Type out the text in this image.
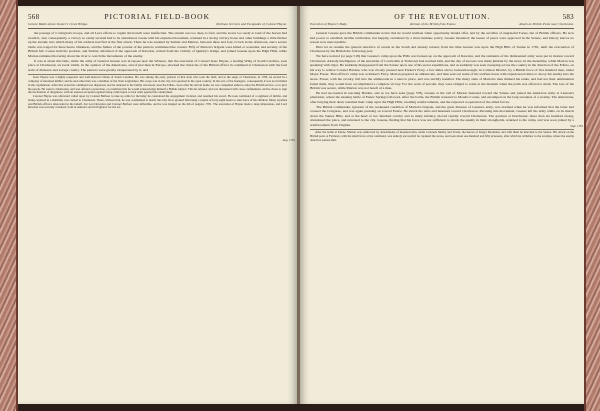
568	PICTORIAL FIELD-BOOK
Greene Battle above Sumter's Creek Bridge.	Partisan Services and Escapades of Colonel Hayne.

the passage of Covington's troops, and all Lee's efforts to regain the branch were ineffectual. The stream was too deep to ford, and the stores too ready to land of the horses had swum it, and, consequently, a victory so easily secured had to be abandoned. Green with his exploited horsemen, returned in a strong calvary horse and other buildings a little further up the stream; into which many of his soldiers had fled at the first attack. There he was assailed by Sumter and Marion, between three and four o'clock in the afternoon, and a severe battle was waged for three hours. Darkness, and the failure of the powder of the patriots, terminated the contest. Fifty of Marion's brigade were killed or wounded, and seventy of the British fell. Coates held his position, and Sumter, informed of the approach of Rawdon, retired from the vicinity of Quinby's bridge, and joined Greene upon the High Hills, while Marion remained hovering about the river to watch the movements of the enemy.

It was at about this time, while the army of General Greene was in repose near the Wateree, that the execution of Colonel Isaac Hayne, a leading Whig of South Carolina, took place at Charleston; an event which, in the opinion of the Americans, and of just men in Europe, shocked the character of the British officer in command at Charleston with the foul stain of dishonor and savage cruelty. The patriots were greatly exasperated by it, and

Isaac Hayne was a highly respected and well-beloved citizen of South Carolina. He was among the early patriots of that state who took the field, and at the siege of Charleston, in 1780, he served in a company of mounted militia; and he and other men was a member of the State Legislature. His corps was in the city, but operated in the open country. In the rear of the besiegers, consequently it was not included in the capitulation. After that event his command was dispersed, and he returned to his family and estate, near the Edisto. Soon after his arrival home, he was compelled either to enter the British service, or to give his parole. He went to Charleston, and was offered a protection, on condition that he would acknowledge himself a British subject. This he refused, and was threatened with close confinement, and he chose to sign the declaration of allegiance, with an express exception against being called upon to bear arms against his countrymen.

Colonel Hayne was afterward called upon by Colonel Balfour to take up arms for the king; he considered his engagement violated, and resumed his sword. He took command of a regiment of militia, and being captured in a skirmish, was carried to Charleston. There, without trial, he was condemned to death; the only favor granted him being a respite of forty-eight hours to take leave of his children. Many loyalists and British officers interceded in his behalf, but Lord Rawdon and Colonel Balfour were inflexible, and he was hanged on the 4th of August, 1781. The execution of Hayne made a deep impression, and Lord Rawdon was severely censured, both in America and in England, for the act.

Aug. 1781
OF THE REVOLUTION.	583
Execution of Hayne's Body.	Retreat of the British from Eutaw.	Attack on British Posts near Charleston.

General Greene gave the British commander notice that he would retaliate when opportunity should offer, and by the sacrifice of ungrateful Tories, but of British officers. He now had power to establish terrible retribution, but happily, restrained by a more humane policy, Greene hesitated; the issues of peace were approved in the Senate, and history knows no reason now unacceptable.

Here let us resume the general narrative of events in the South and already related, from the time Greene was upon the High Hills of Santee in 1781, until the evacuation of Charleston by the British the following year.

We have noticed (at page 518) that Greene's camp upon the Hills was broken up on the approach of Rawdon, and the remnants of his dismounted army were put in motion toward Charleston. Already intelligence of the surrender of Cornwallis at Yorktown had reached him, and the day of success was made jubilant by the news. In the meantime, while Marion was speaking with vigor. He suddenly disappeared from the Santee upon one of his secret expeditions, and as suddenly was seen sweeping across the country in the direction of the Edisto, on his way to relieve Colonel Harden, who was closely pressed near Parker's Ferry, a few miles above Jacksonborough, in Colleton District, by a British force of five hundred men, under Major Fraser. That officer's camp was at Parker's Ferry. Marion prepared an ambuscade, and then sent out some of his swiftest horse with experienced riders to decoy his enemy into the snare. Fraser, with his cavalry, fell into the ambuscade in a narrow place, and was terribly handled. The many slain of Marion's men thinned his ranks, and had not their ammunition failed them, they would have accomplished a complete victory. For the want of powder, they were obliged to retire at the moment when the palm was offered to them. The loss of the British was severe, while Marion was not bereft of a man.

He had succeeded in rescuing Harden, and as we have seen (page 578), Greene at the call of Marion hastened toward the Santee and joined the American army at Laurens's plantation, where the ensuing battle of Eutaw Springs followed. After the battle, the British retreated to Monk's Corner, and encamped on the long savannas of a swamp. The Americans, after burying their dead, resumed their camp upon the High Hills, awaiting reinforcements, and the expected cooperation of the allied forces.

The British commander, ignorant of the weakened condition of Marion's brigade, and the great distance of Greene's army, was alarmed when he was informed that the latter had crossed the Congaree, and was again pressing on toward Eutaw. He struck his tents and hastened toward Charleston. Pursuing this movement, Greene left his army while on its march down the Santee Hills, and at the head of two hundred cavalry and as many infantry, moved rapidly toward Charleston. The garrison at Dorchester, more than six hundred strong, abandoned the place, and retreated to the city. Greene, finding that his force was not sufficient to attack the enemy in their strongholds, returned to his camp, and was soon joined by a reinforcement from Virginia.

After the battle at Eutaw, Marion was reinforced by detachments of mounted men, under Colonels Shelby and Sevier, the heroes of King's Mountain, and with them he marched to the Santee. His attack on the British posts at Fairlawn, with the small force at his command, was entirely successful; he captured the stores, and took about one hundred and fifty prisoners, after which he withdrew to the swamps, where the enemy dared not pursue him.

Sept. 1781
